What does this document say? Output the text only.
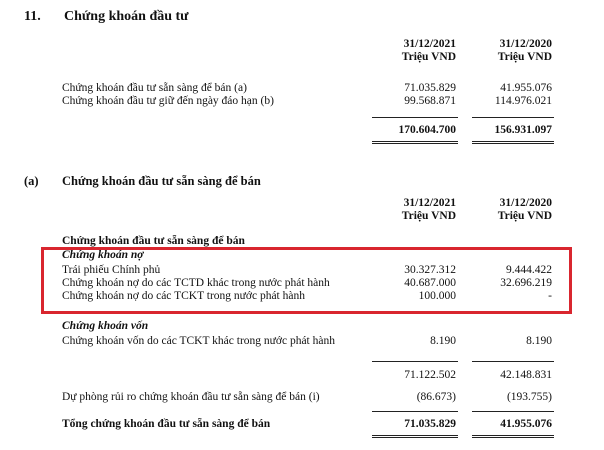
11. Chứng khoán đầu tư
31/12/2021
Triệu VND
31/12/2020
Triệu VND
Chứng khoán đầu tư sẵn sàng để bán (a)	71.035.829	41.955.076
Chứng khoán đầu tư giữ đến ngày đáo hạn (b)	99.568.871	114.976.021
170.604.700	156.931.097
(a) Chứng khoán đầu tư sẵn sàng để bán
31/12/2021
Triệu VND
31/12/2020
Triệu VND
Chứng khoán đầu tư sẵn sàng để bán
Chứng khoán nợ
Trái phiếu Chính phủ	30.327.312	9.444.422
Chứng khoán nợ do các TCTD khác trong nước phát hành	40.687.000	32.696.219
Chứng khoán nợ do các TCKT trong nước phát hành	100.000	-
Chứng khoán vốn
Chứng khoán vốn do các TCKT khác trong nước phát hành	8.190	8.190
71.122.502	42.148.831
Dự phòng rủi ro chứng khoán đầu tư sẵn sàng để bán (i)	(86.673)	(193.755)
Tổng chứng khoán đầu tư sẵn sàng để bán	71.035.829	41.955.076
